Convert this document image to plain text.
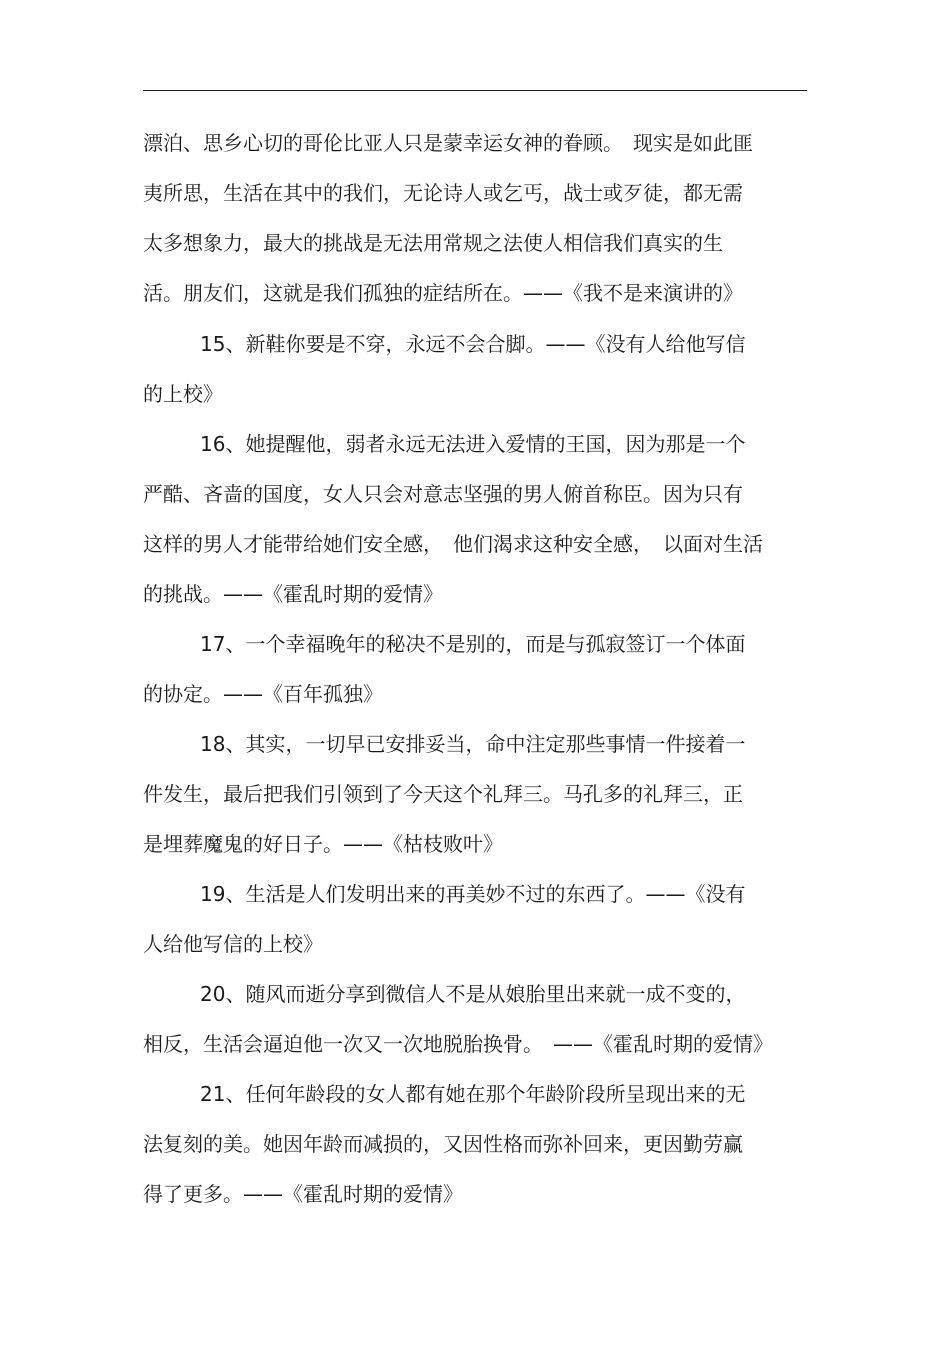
漂泊、思乡心切的哥伦比亚人只是蒙幸运女神的眷顾。　现实是如此匪
夷所思，生活在其中的我们，无论诗人或乞丐，战士或歹徒，都无需
太多想象力，最大的挑战是无法用常规之法使人相信我们真实的生
活。朋友们，这就是我们孤独的症结所在。——《我不是来演讲的》
15、新鞋你要是不穿，永远不会合脚。——《没有人给他写信
的上校》
16、她提醒他，弱者永远无法进入爱情的王国，因为那是一个
严酷、吝啬的国度，女人只会对意志坚强的男人俯首称臣。因为只有
这样的男人才能带给她们安全感，　他们渴求这种安全感，　以面对生活
的挑战。——《霍乱时期的爱情》
17、一个幸福晚年的秘决不是别的，而是与孤寂签订一个体面
的协定。——《百年孤独》
18、其实，一切早已安排妥当，命中注定那些事情一件接着一
件发生，最后把我们引领到了今天这个礼拜三。马孔多的礼拜三，正
是埋葬魔鬼的好日子。——《枯枝败叶》
19、生活是人们发明出来的再美妙不过的东西了。——《没有
人给他写信的上校》
20、随风而逝分享到微信人不是从娘胎里出来就一成不变的，
相反，生活会逼迫他一次又一次地脱胎换骨。　——《霍乱时期的爱情》
21、任何年龄段的女人都有她在那个年龄阶段所呈现出来的无
法复刻的美。她因年龄而减损的，又因性格而弥补回来，更因勤劳赢
得了更多。——《霍乱时期的爱情》
